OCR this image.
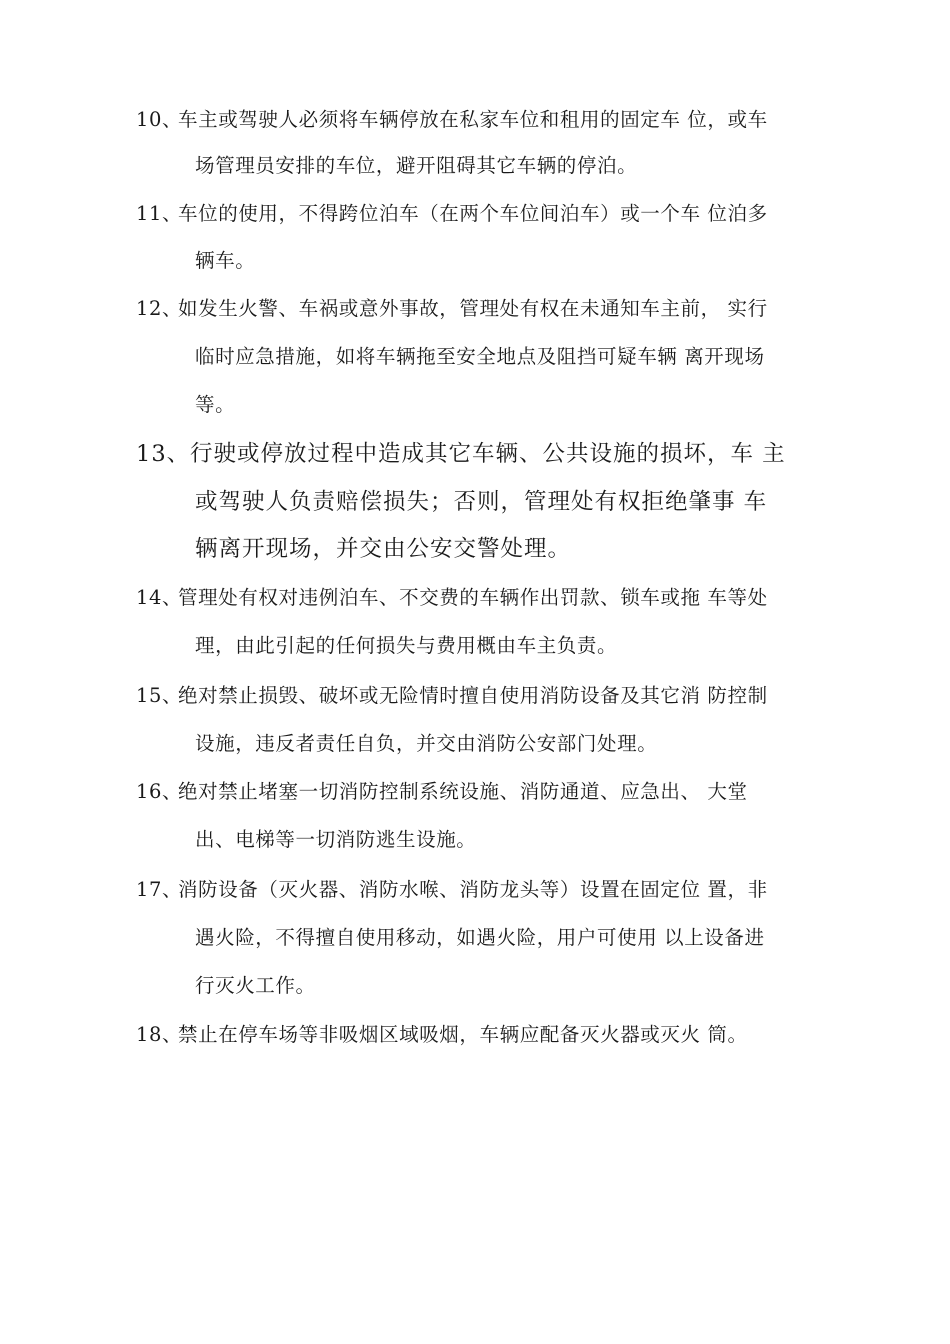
10、
车主或驾驶人必须将车辆停放在私家车位和租用的固定车 位，或车
场管理员安排的车位，避开阻碍其它车辆的停泊。
11、
车位的使用，不得跨位泊车（在两个车位间泊车）或一个车 位泊多
辆车。
12、
如发生火警、车祸或意外事故，管理处有权在未通知车主前， 实行
临时应急措施，如将车辆拖至安全地点及阻挡可疑车辆 离开现场
等。
13、 行驶或停放过程中造成其它车辆、公共设施的损坏，车 主
或驾驶人负责赔偿损失；否则，管理处有权拒绝肇事 车
辆离开现场，并交由公安交警处理。
14、
管理处有权对违例泊车、不交费的车辆作出罚款、锁车或拖 车等处
理，由此引起的任何损失与费用概由车主负责。
15、
绝对禁止损毁、破坏或无险情时擅自使用消防设备及其它消 防控制
设施，违反者责任自负，并交由消防公安部门处理。
16、
绝对禁止堵塞一切消防控制系统设施、消防通道、应急出、 大堂
出、电梯等一切消防逃生设施。
17、
消防设备（灭火器、消防水喉、消防龙头等）设置在固定位 置，非
遇火险，不得擅自使用移动，如遇火险，用户可使用 以上设备进
行灭火工作。
18、
禁止在停车场等非吸烟区域吸烟，车辆应配备灭火器或灭火 筒。
